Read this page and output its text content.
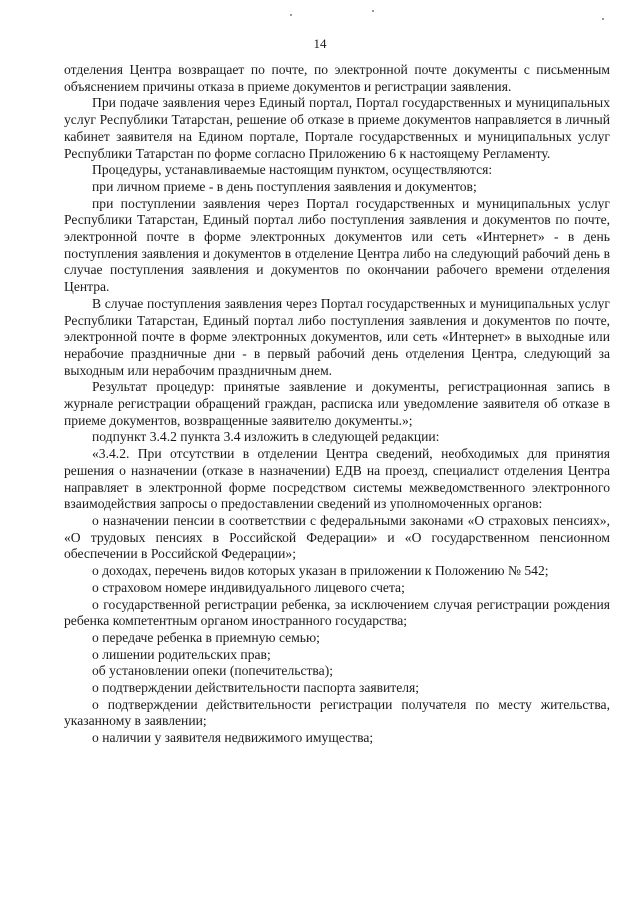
14

отделения Центра возвращает по почте, по электронной почте документы с письменным объяснением причины отказа в приеме документов и регистрации заявления.

При подаче заявления через Единый портал, Портал государственных и муниципальных услуг Республики Татарстан, решение об отказе в приеме документов направляется в личный кабинет заявителя на Едином портале, Портале государственных и муниципальных услуг Республики Татарстан по форме согласно Приложению 6 к настоящему Регламенту.

Процедуры, устанавливаемые настоящим пунктом, осуществляются:

при личном приеме - в день поступления заявления и документов;

при поступлении заявления через Портал государственных и муниципальных услуг Республики Татарстан, Единый портал либо поступления заявления и документов по почте, электронной почте в форме электронных документов или сеть «Интернет» - в день поступления заявления и документов в отделение Центра либо на следующий рабочий день в случае поступления заявления и документов по окончании рабочего времени отделения Центра.

В случае поступления заявления через Портал государственных и муниципальных услуг Республики Татарстан, Единый портал либо поступления заявления и документов по почте, электронной почте в форме электронных документов, или сеть «Интернет» в выходные или нерабочие праздничные дни - в первый рабочий день отделения Центра, следующий за выходным или нерабочим праздничным днем.

Результат процедур: принятые заявление и документы, регистрационная запись в журнале регистрации обращений граждан, расписка или уведомление заявителя об отказе в приеме документов, возвращенные заявителю документы.»;

подпункт 3.4.2 пункта 3.4 изложить в следующей редакции:

«3.4.2. При отсутствии в отделении Центра сведений, необходимых для принятия решения о назначении (отказе в назначении) ЕДВ на проезд, специалист отделения Центра направляет в электронной форме посредством системы межведомственного электронного взаимодействия запросы о предоставлении сведений из уполномоченных органов:

о назначении пенсии в соответствии с федеральными законами «О страховых пенсиях», «О трудовых пенсиях в Российской Федерации» и «О государственном пенсионном обеспечении в Российской Федерации»;

о доходах, перечень видов которых указан в приложении к Положению № 542;

о страховом номере индивидуального лицевого счета;

о государственной регистрации ребенка, за исключением случая регистрации рождения ребенка компетентным органом иностранного государства;

о передаче ребенка в приемную семью;

о лишении родительских прав;

об установлении опеки (попечительства);

о подтверждении действительности паспорта заявителя;

о подтверждении действительности регистрации получателя по месту жительства, указанному в заявлении;

о наличии у заявителя недвижимого имущества;
